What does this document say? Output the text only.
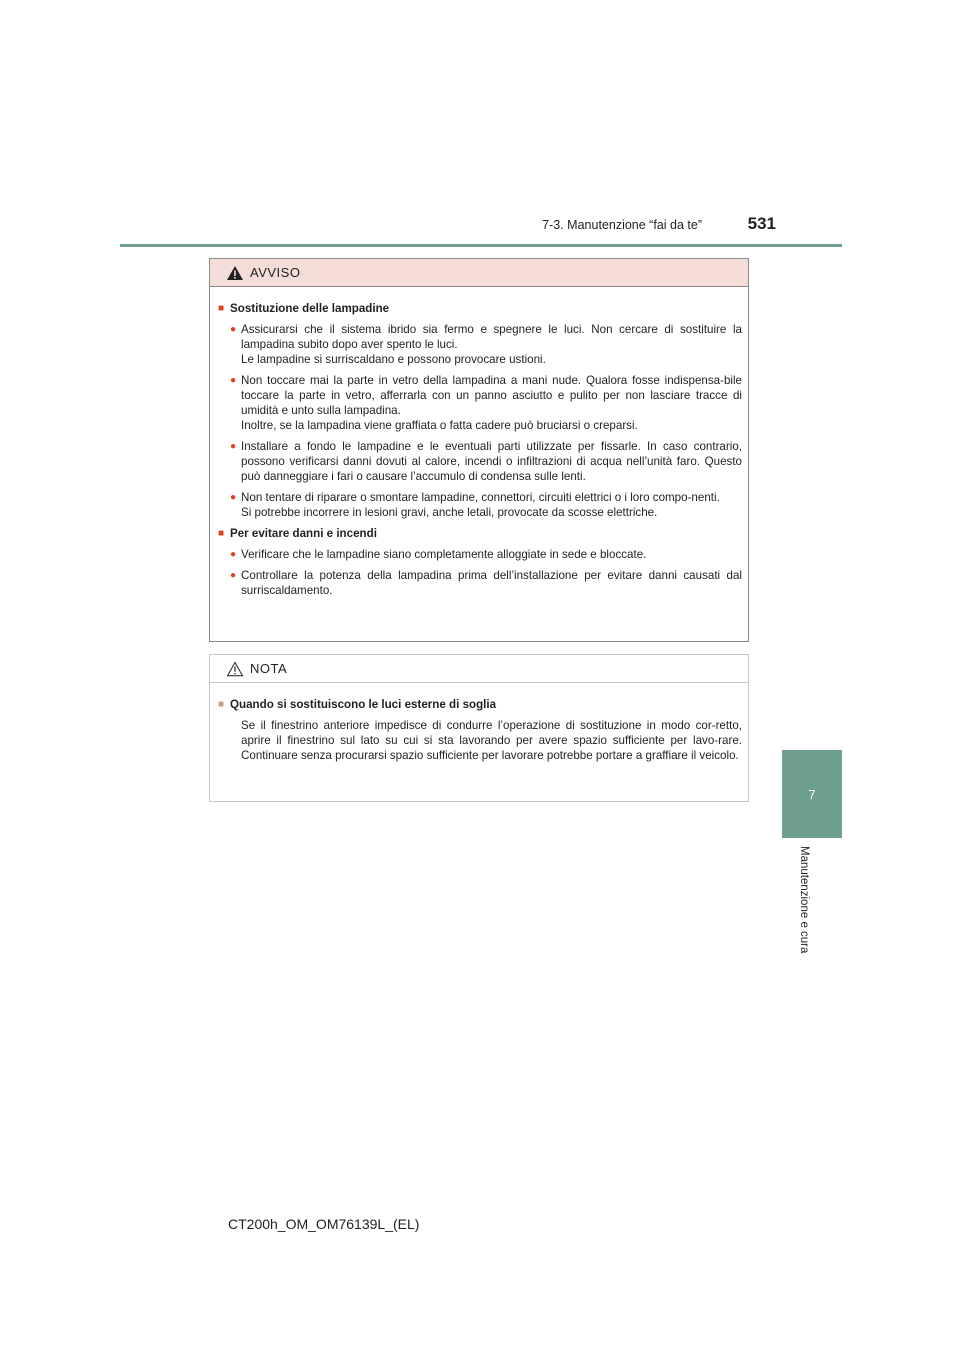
7-3. Manutenzione “fai da te”	531
7
Manutenzione e cura
AVVISO
■ Sostituzione delle lampadine
● Assicurarsi che il sistema ibrido sia fermo e spegnere le luci. Non cercare di sostituire la lampadina subito dopo aver spento le luci.
Le lampadine si surriscaldano e possono provocare ustioni.
● Non toccare mai la parte in vetro della lampadina a mani nude. Qualora fosse indispensa-bile toccare la parte in vetro, afferrarla con un panno asciutto e pulito per non lasciare tracce di umidità e unto sulla lampadina.
Inoltre, se la lampadina viene graffiata o fatta cadere può bruciarsi o creparsi.
● Installare a fondo le lampadine e le eventuali parti utilizzate per fissarle. In caso contrario, possono verificarsi danni dovuti al calore, incendi o infiltrazioni di acqua nell’unità faro. Questo può danneggiare i fari o causare l’accumulo di condensa sulle lenti.
● Non tentare di riparare o smontare lampadine, connettori, circuiti elettrici o i loro compo-nenti.
Si potrebbe incorrere in lesioni gravi, anche letali, provocate da scosse elettriche.
■ Per evitare danni e incendi
● Verificare che le lampadine siano completamente alloggiate in sede e bloccate.
● Controllare la potenza della lampadina prima dell’installazione per evitare danni causati dal surriscaldamento.
NOTA
■ Quando si sostituiscono le luci esterne di soglia
Se il finestrino anteriore impedisce di condurre l’operazione di sostituzione in modo cor-retto, aprire il finestrino sul lato su cui si sta lavorando per avere spazio sufficiente per lavo-rare. Continuare senza procurarsi spazio sufficiente per lavorare potrebbe portare a graffiare il veicolo.
CT200h_OM_OM76139L_(EL)
